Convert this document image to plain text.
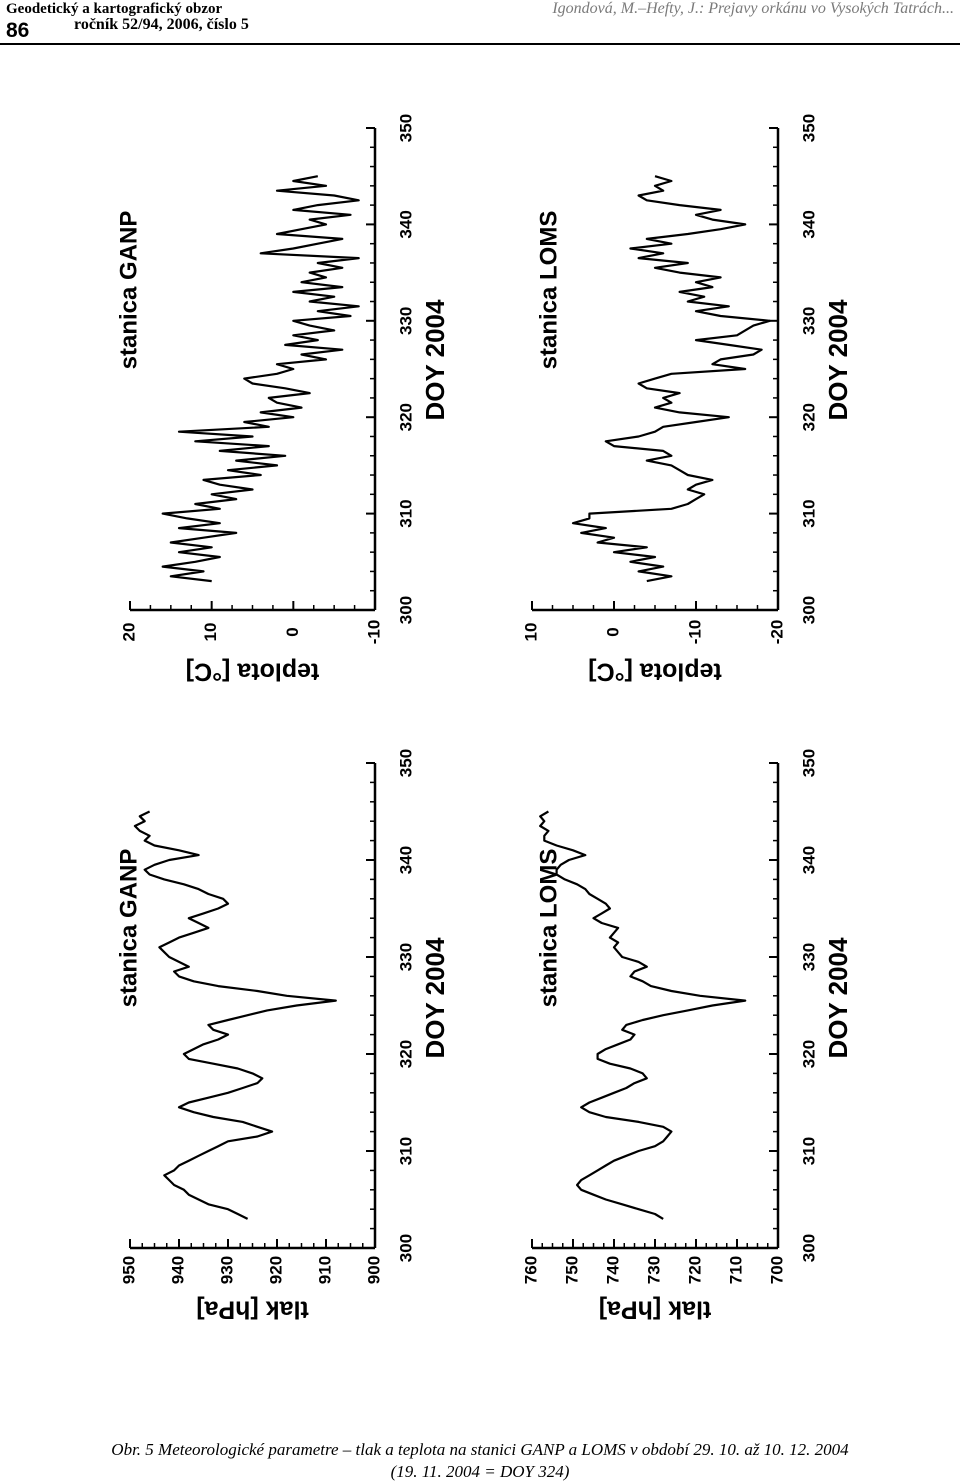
Geodetický a kartografický obzor
86	ročník 52/94, 2006, číslo 5
Igondová, M.–Hefty, J.: Prejavy orkánu vo Vysokých Tatrách...
300
310
320
330
340
350
-10
0
10
20
stanica GANP	DOY 2004
teplota [°C]
300
310
320
330
340
350
-20
-10
0
10
stanica LOMS	DOY 2004
teplota [°C]
300
310
320
330
340
350
900
910
920
930
940
950
stanica GANP	DOY 2004
tlak [hPa]
300
310
320
330
340
350
700
710
720
730
740
750
760
stanica LOMS	DOY 2004
tlak [hPa]
Obr. 5 Meteorologické parametre – tlak a teplota na stanici GANP a LOMS v období 29. 10. až 10. 12. 2004
(19. 11. 2004 = DOY 324)
